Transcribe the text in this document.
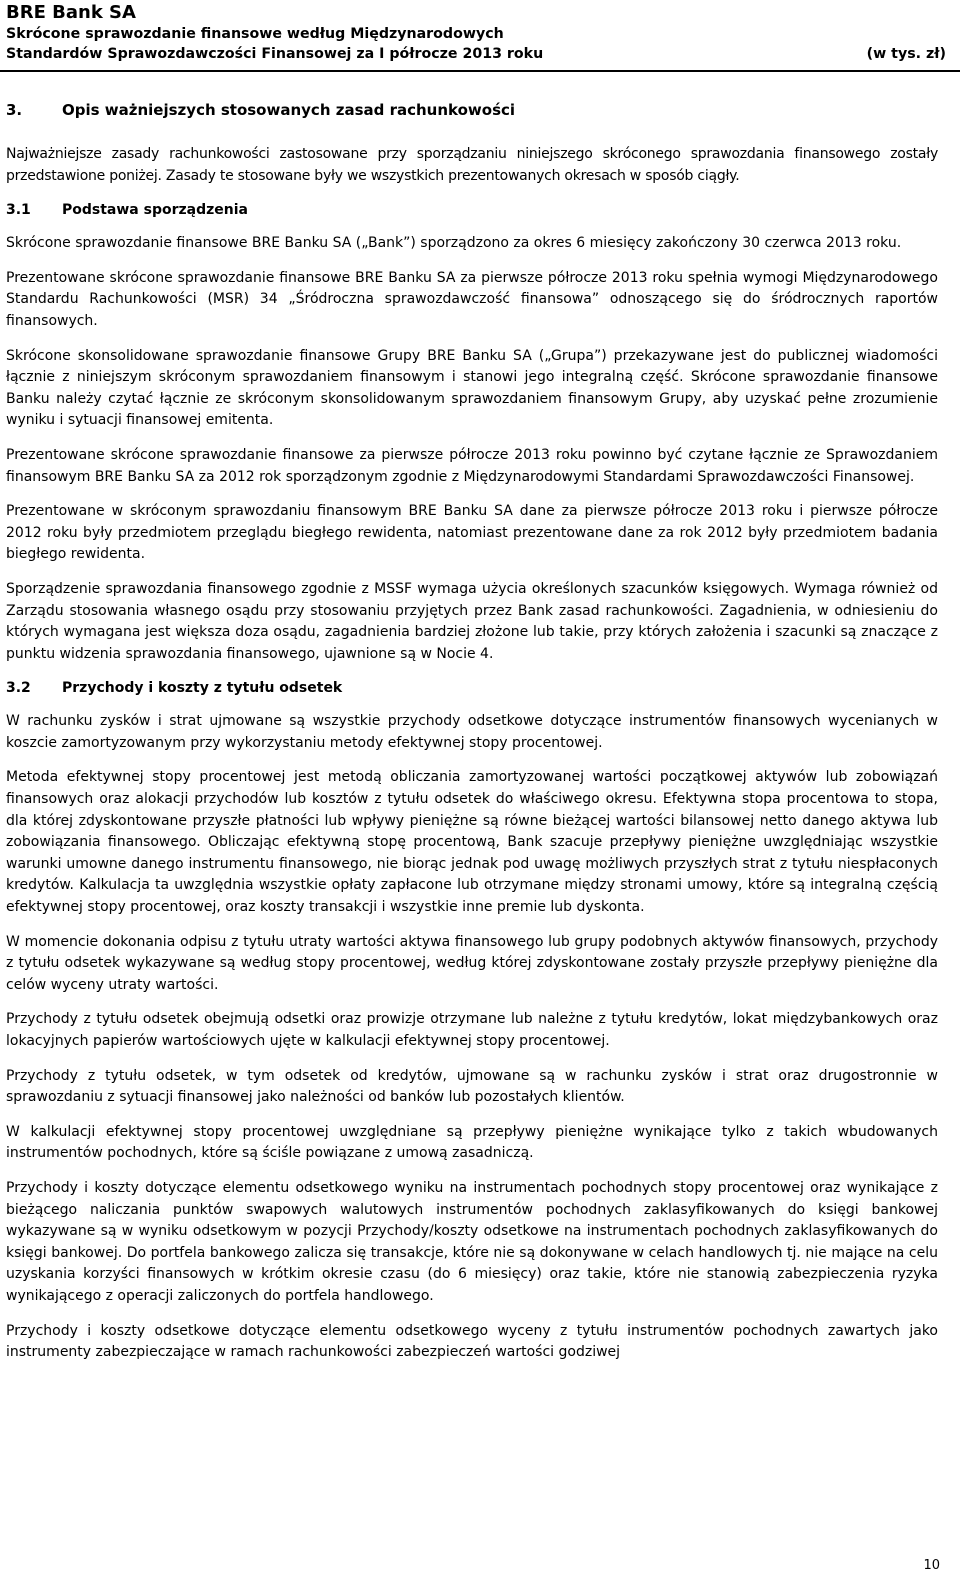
BRE Bank SA
Skrócone sprawozdanie finansowe według Międzynarodowych
Standardów Sprawozdawczości Finansowej za I półrocze 2013 roku	(w tys. zł)
3.	Opis ważniejszych stosowanych zasad rachunkowości

Najważniejsze zasady rachunkowości zastosowane przy sporządzaniu niniejszego skróconego sprawozdania finansowego zostały przedstawione poniżej. Zasady te stosowane były we wszystkich prezentowanych okresach w sposób ciągły.

3.1	Podstawa sporządzenia

Skrócone sprawozdanie finansowe BRE Banku SA („Bank”) sporządzono za okres 6 miesięcy zakończony 30 czerwca 2013 roku.

Prezentowane skrócone sprawozdanie finansowe BRE Banku SA za pierwsze półrocze 2013 roku spełnia wymogi Międzynarodowego Standardu Rachunkowości (MSR) 34 „Śródroczna sprawozdawczość finansowa” odnoszącego się do śródrocznych raportów finansowych.

Skrócone skonsolidowane sprawozdanie finansowe Grupy BRE Banku SA („Grupa”) przekazywane jest do publicznej wiadomości łącznie z niniejszym skróconym sprawozdaniem finansowym i stanowi jego integralną część. Skrócone sprawozdanie finansowe Banku należy czytać łącznie ze skróconym skonsolidowanym sprawozdaniem finansowym Grupy, aby uzyskać pełne zrozumienie wyniku i sytuacji finansowej emitenta.

Prezentowane skrócone sprawozdanie finansowe za pierwsze półrocze 2013 roku powinno być czytane łącznie ze Sprawozdaniem finansowym BRE Banku SA za 2012 rok sporządzonym zgodnie z Międzynarodowymi Standardami Sprawozdawczości Finansowej.

Prezentowane w skróconym sprawozdaniu finansowym BRE Banku SA dane za pierwsze półrocze 2013 roku i pierwsze półrocze 2012 roku były przedmiotem przeglądu biegłego rewidenta, natomiast prezentowane dane za rok 2012 były przedmiotem badania biegłego rewidenta.

Sporządzenie sprawozdania finansowego zgodnie z MSSF wymaga użycia określonych szacunków księgowych. Wymaga również od Zarządu stosowania własnego osądu przy stosowaniu przyjętych przez Bank zasad rachunkowości. Zagadnienia, w odniesieniu do których wymagana jest większa doza osądu, zagadnienia bardziej złożone lub takie, przy których założenia i szacunki są znaczące z punktu widzenia sprawozdania finansowego, ujawnione są w Nocie 4.

3.2	Przychody i koszty z tytułu odsetek

W rachunku zysków i strat ujmowane są wszystkie przychody odsetkowe dotyczące instrumentów finansowych wycenianych w koszcie zamortyzowanym przy wykorzystaniu metody efektywnej stopy procentowej.

Metoda efektywnej stopy procentowej jest metodą obliczania zamortyzowanej wartości początkowej aktywów lub zobowiązań finansowych oraz alokacji przychodów lub kosztów z tytułu odsetek do właściwego okresu. Efektywna stopa procentowa to stopa, dla której zdyskontowane przyszłe płatności lub wpływy pieniężne są równe bieżącej wartości bilansowej netto danego aktywa lub zobowiązania finansowego. Obliczając efektywną stopę procentową, Bank szacuje przepływy pieniężne uwzględniając wszystkie warunki umowne danego instrumentu finansowego, nie biorąc jednak pod uwagę możliwych przyszłych strat z tytułu niespłaconych kredytów. Kalkulacja ta uwzględnia wszystkie opłaty zapłacone lub otrzymane między stronami umowy, które są integralną częścią efektywnej stopy procentowej, oraz koszty transakcji i wszystkie inne premie lub dyskonta.

W momencie dokonania odpisu z tytułu utraty wartości aktywa finansowego lub grupy podobnych aktywów finansowych, przychody z tytułu odsetek wykazywane są według stopy procentowej, według której zdyskontowane zostały przyszłe przepływy pieniężne dla celów wyceny utraty wartości.

Przychody z tytułu odsetek obejmują odsetki oraz prowizje otrzymane lub należne z tytułu kredytów, lokat międzybankowych oraz lokacyjnych papierów wartościowych ujęte w kalkulacji efektywnej stopy procentowej.

Przychody z tytułu odsetek, w tym odsetek od kredytów, ujmowane są w rachunku zysków i strat oraz drugostronnie w sprawozdaniu z sytuacji finansowej jako należności od banków lub pozostałych klientów.

W kalkulacji efektywnej stopy procentowej uwzględniane są przepływy pieniężne wynikające tylko z takich wbudowanych instrumentów pochodnych, które są ściśle powiązane z umową zasadniczą.

Przychody i koszty dotyczące elementu odsetkowego wyniku na instrumentach pochodnych stopy procentowej oraz wynikające z bieżącego naliczania punktów swapowych walutowych instrumentów pochodnych zaklasyfikowanych do księgi bankowej wykazywane są w wyniku odsetkowym w pozycji Przychody/koszty odsetkowe na instrumentach pochodnych zaklasyfikowanych do księgi bankowej. Do portfela bankowego zalicza się transakcje, które nie są dokonywane w celach handlowych tj. nie mające na celu uzyskania korzyści finansowych w krótkim okresie czasu (do 6 miesięcy) oraz takie, które nie stanowią zabezpieczenia ryzyka wynikającego z operacji zaliczonych do portfela handlowego.

Przychody i koszty odsetkowe dotyczące elementu odsetkowego wyceny z tytułu instrumentów pochodnych zawartych jako instrumenty zabezpieczające w ramach rachunkowości zabezpieczeń wartości godziwej

10
